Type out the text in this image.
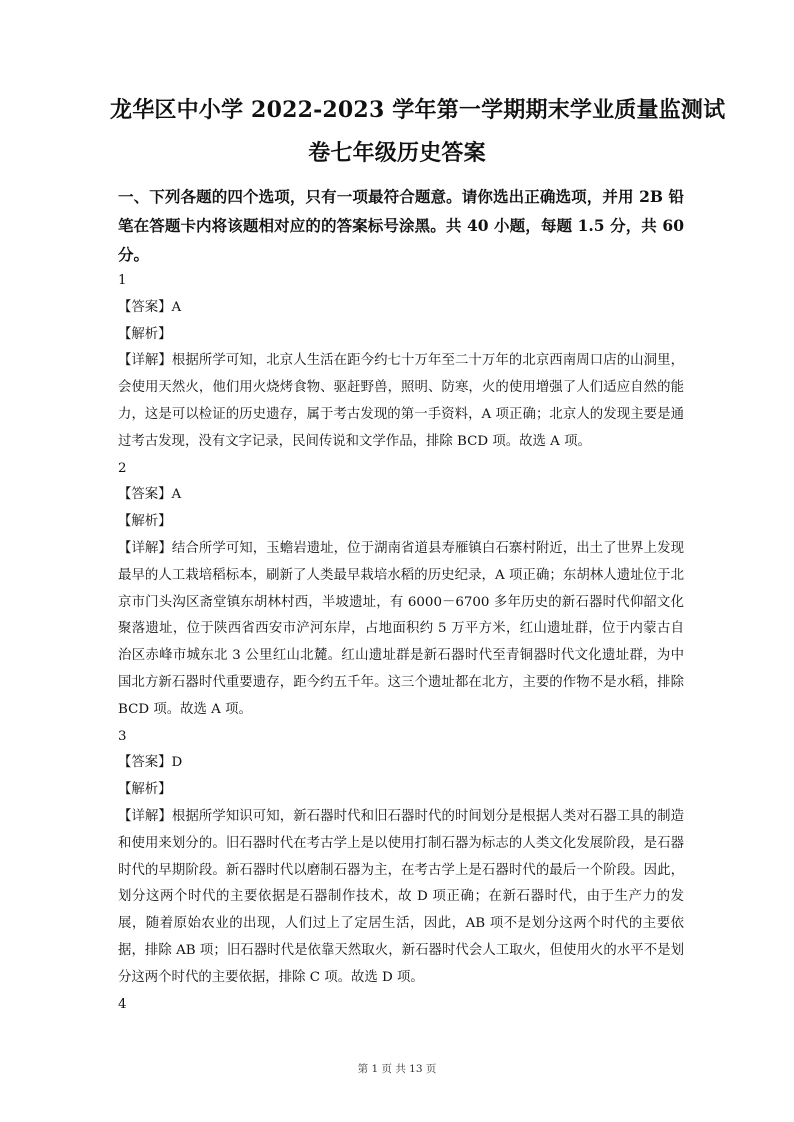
龙华区中小学 2022-2023 学年第一学期期末学业质量监测试
卷七年级历史答案
一、下列各题的四个选项，只有一项最符合题意。请你选出正确选项，并用 2B 铅笔在答题卡内将该题相对应的的答案标号涂黑。共 40 小题，每题 1.5 分，共 60 分。

1

【答案】A

【解析】

【详解】根据所学可知，北京人生活在距今约七十万年至二十万年的北京西南周口店的山洞里，会使用天然火，他们用火烧烤食物、驱赶野兽，照明、防寒，火的使用增强了人们适应自然的能力，这是可以检证的历史遗存，属于考古发现的第一手资料，A 项正确；北京人的发现主要是通过考古发现，没有文字记录，民间传说和文学作品，排除 BCD 项。故选 A 项。

2

【答案】A

【解析】

【详解】结合所学可知，玉蟾岩遗址，位于湖南省道县寿雁镇白石寨村附近，出土了世界上发现最早的人工栽培稻标本，刷新了人类最早栽培水稻的历史纪录，A 项正确；东胡林人遗址位于北京市门头沟区斋堂镇东胡林村西，半坡遗址，有 6000－6700 多年历史的新石器时代仰韶文化聚落遗址，位于陕西省西安市浐河东岸，占地面积约 5 万平方米，红山遗址群，位于内蒙古自治区赤峰市城东北 3 公里红山北麓。红山遗址群是新石器时代至青铜器时代文化遗址群，为中国北方新石器时代重要遗存，距今约五千年。这三个遗址都在北方，主要的作物不是水稻，排除 BCD 项。故选 A 项。

3

【答案】D

【解析】

【详解】根据所学知识可知，新石器时代和旧石器时代的时间划分是根据人类对石器工具的制造和使用来划分的。旧石器时代在考古学上是以使用打制石器为标志的人类文化发展阶段，是石器时代的早期阶段。新石器时代以磨制石器为主，在考古学上是石器时代的最后一个阶段。因此，划分这两个时代的主要依据是石器制作技术，故 D 项正确；在新石器时代，由于生产力的发展，随着原始农业的出现，人们过上了定居生活，因此，AB 项不是划分这两个时代的主要依据，排除 AB 项；旧石器时代是依靠天然取火，新石器时代会人工取火，但使用火的水平不是划分这两个时代的主要依据，排除 C 项。故选 D 项。

4

第 1 页 共 13 页
